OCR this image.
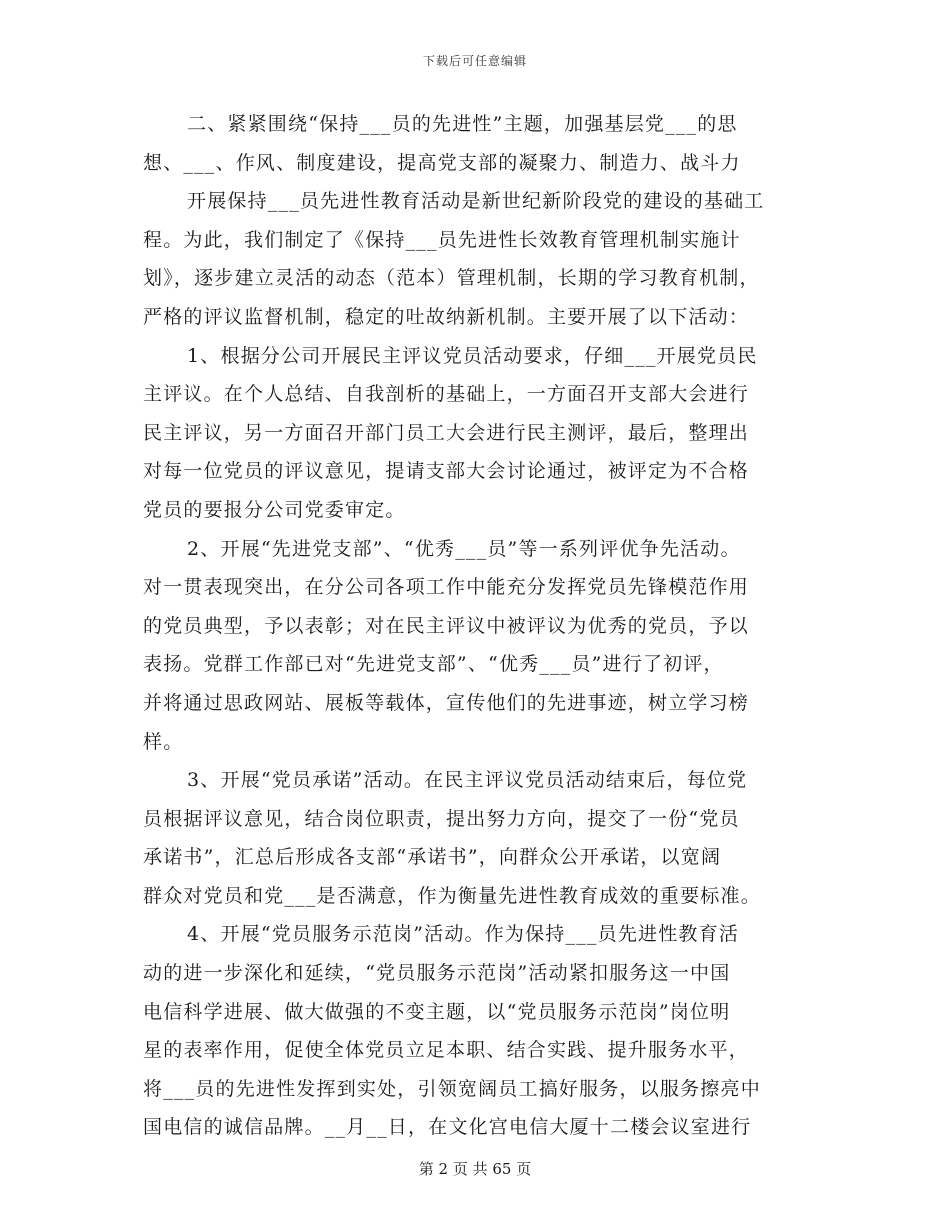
下载后可任意编辑
二、紧紧围绕“保持___员的先进性”主题，加强基层党___的思
想、___、作风、制度建设，提高党支部的凝聚力、制造力、战斗力
开展保持___员先进性教育活动是新世纪新阶段党的建设的基础工
程。为此，我们制定了《保持___员先进性长效教育管理机制实施计
划》，逐步建立灵活的动态（范本）管理机制，长期的学习教育机制，
严格的评议监督机制，稳定的吐故纳新机制。主要开展了以下活动：
1、根据分公司开展民主评议党员活动要求，仔细___开展党员民
主评议。在个人总结、自我剖析的基础上，一方面召开支部大会进行
民主评议，另一方面召开部门员工大会进行民主测评，最后，整理出
对每一位党员的评议意见，提请支部大会讨论通过，被评定为不合格
党员的要报分公司党委审定。
2、开展“先进党支部”、“优秀___员”等一系列评优争先活动。
对一贯表现突出，在分公司各项工作中能充分发挥党员先锋模范作用
的党员典型，予以表彰；对在民主评议中被评议为优秀的党员，予以
表扬。党群工作部已对“先进党支部”、“优秀___员”进行了初评，
并将通过思政网站、展板等载体，宣传他们的先进事迹，树立学习榜
样。
3、开展“党员承诺”活动。在民主评议党员活动结束后，每位党
员根据评议意见，结合岗位职责，提出努力方向，提交了一份“党员
承诺书”，汇总后形成各支部“承诺书”，向群众公开承诺，以宽阔
群众对党员和党___是否满意，作为衡量先进性教育成效的重要标准。
4、开展“党员服务示范岗”活动。作为保持___员先进性教育活
动的进一步深化和延续，“党员服务示范岗”活动紧扣服务这一中国
电信科学进展、做大做强的不变主题，以“党员服务示范岗”岗位明
星的表率作用，促使全体党员立足本职、结合实践、提升服务水平，
将___员的先进性发挥到实处，引领宽阔员工搞好服务，以服务擦亮中
国电信的诚信品牌。__月__日，在文化宫电信大厦十二楼会议室进行
第 2 页 共 65 页
